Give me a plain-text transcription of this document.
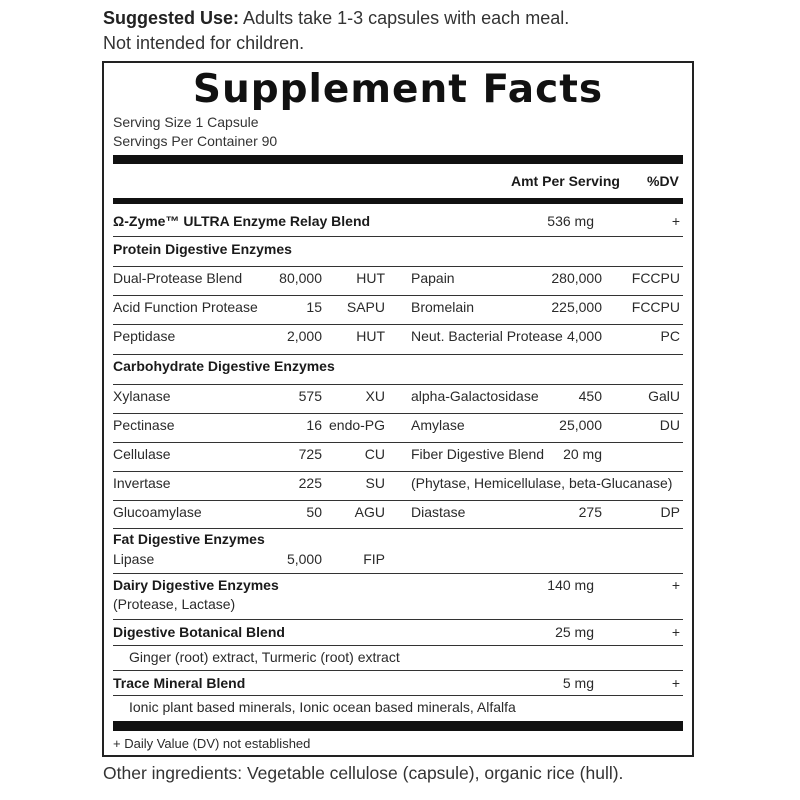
Suggested Use: Adults take 1-3 capsules with each meal.
Not intended for children.
Supplement Facts
Serving Size 1 Capsule
Servings Per Container 90
Amt Per Serving %DV
Ω-Zyme™ ULTRA Enzyme Relay Blend	536 mg	+
Protein Digestive Enzymes
Dual-Protease Blend	80,000	HUT Papain	280,000	FCCPU
Acid Function Protease	15	SAPU Bromelain	225,000	FCCPU
Peptidase	2,000	HUT Neut. Bacterial Protease 4,000	PC
Carbohydrate Digestive Enzymes
Xylanase	575	XU alpha-Galactosidase	450	GalU
Pectinase	16 endo-PG Amylase	25,000	DU
Cellulase	725	CU Fiber Digestive Blend	20 mg
Invertase	225	SU (Phytase, Hemicellulase, beta-Glucanase)
Glucoamylase	50	AGU Diastase	275	DP
Fat Digestive Enzymes
Lipase	5,000	FIP
Dairy Digestive Enzymes
(Protease, Lactase)
140 mg	+
Digestive Botanical Blend
Ginger (root) extract, Turmeric (root) extract
25 mg	+
Trace Mineral Blend
Ionic plant based minerals, Ionic ocean based minerals, Alfalfa
5 mg	+
+ Daily Value (DV) not established
Other ingredients: Vegetable cellulose (capsule), organic rice (hull).
